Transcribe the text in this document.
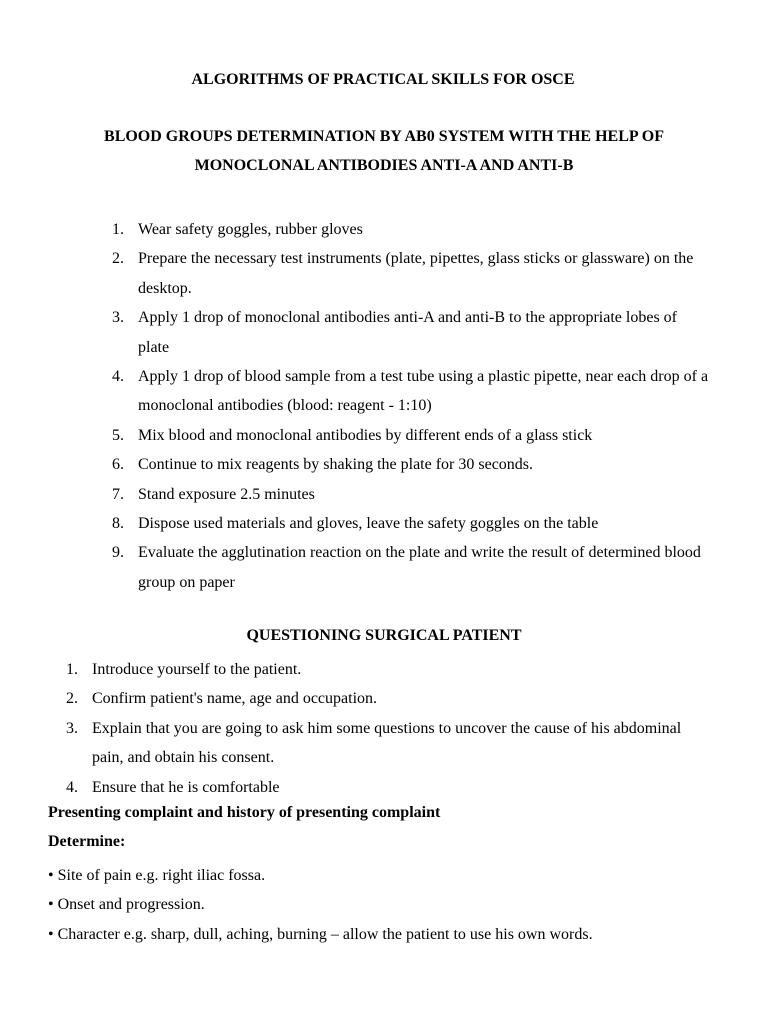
ALGORITHMS OF PRACTICAL SKILLS FOR OSCE
BLOOD GROUPS DETERMINATION BY AB0 SYSTEM WITH THE HELP OF
MONOCLONAL ANTIBODIES ANTI-A AND ANTI-B
1. Wear safety goggles, rubber gloves
2. Prepare the necessary test instruments (plate, pipettes, glass sticks or glassware) on the desktop.
3. Apply 1 drop of monoclonal antibodies anti-A and anti-B to the appropriate lobes of plate
4. Apply 1 drop of blood sample from a test tube using a plastic pipette, near each drop of a monoclonal antibodies (blood: reagent - 1:10)
5. Mix blood and monoclonal antibodies by different ends of a glass stick
6. Continue to mix reagents by shaking the plate for 30 seconds.
7. Stand exposure 2.5 minutes
8. Dispose used materials and gloves, leave the safety goggles on the table
9. Evaluate the agglutination reaction on the plate and write the result of determined blood group on paper
QUESTIONING SURGICAL PATIENT
1. Introduce yourself to the patient.
2. Confirm patient's name, age and occupation.
3. Explain that you are going to ask him some questions to uncover the cause of his abdominal pain, and obtain his consent.
4. Ensure that he is comfortable

Presenting complaint and history of presenting complaint

Determine:

• Site of pain e.g. right iliac fossa.
• Onset and progression.
• Character e.g. sharp, dull, aching, burning – allow the patient to use his own words.
